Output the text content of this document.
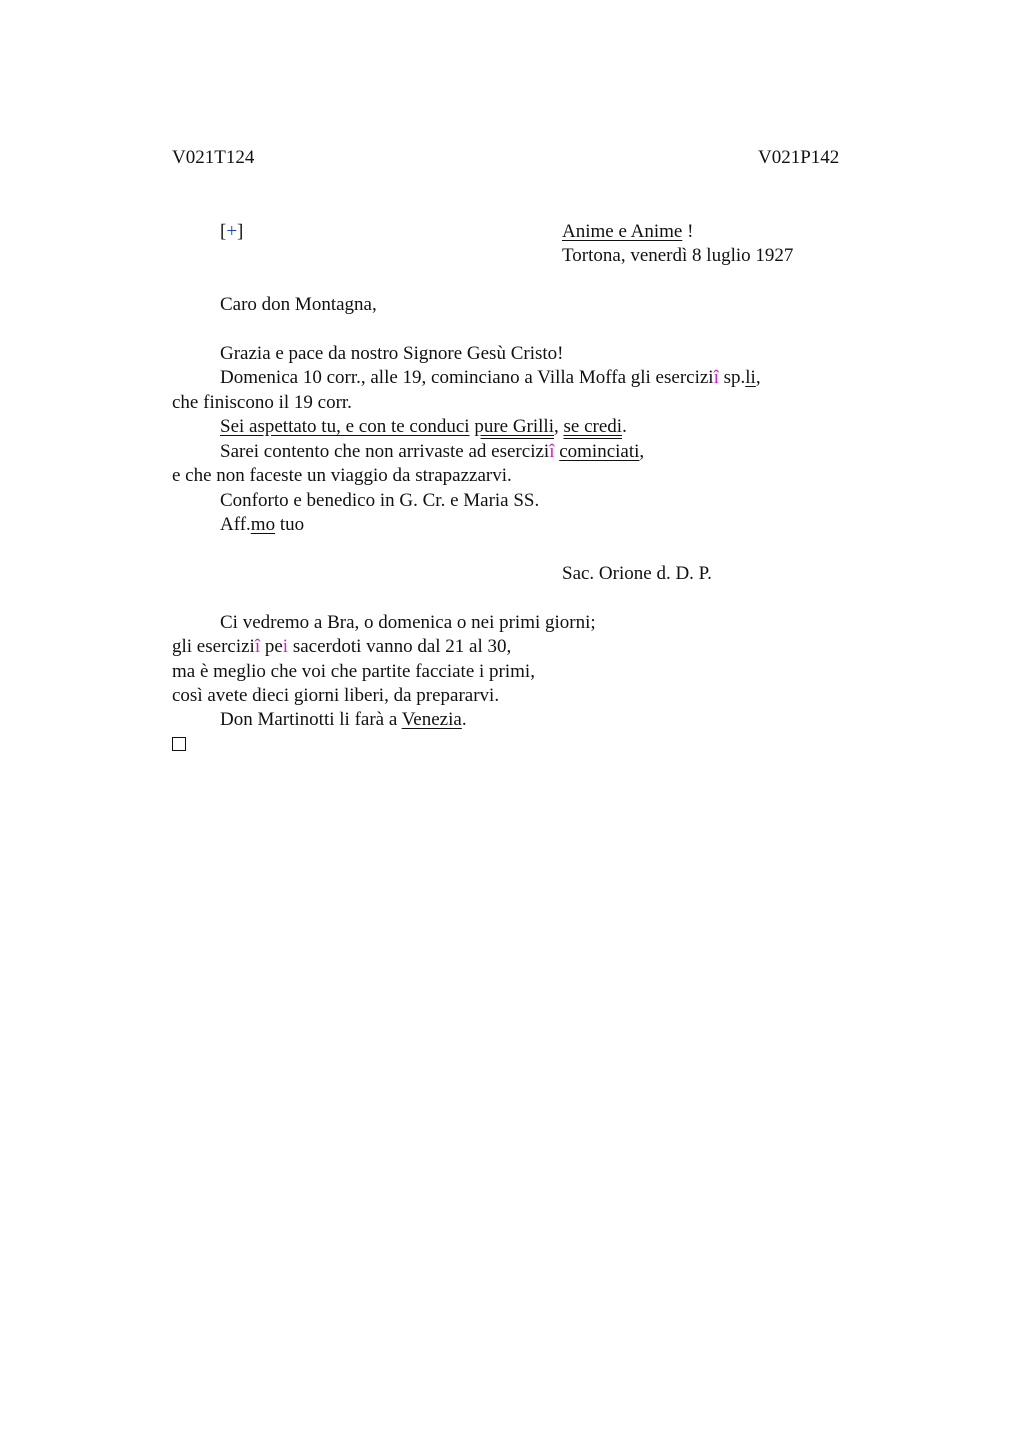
V021T124	V021P142
[+]	Animе e Anime !
Tortona, venerdì 8 luglio 1927
Caro don Montagna,
Grazia e pace da nostro Signore Gesù Cristo!
Domenica 10 corr., alle 19, cominciano a Villa Moffa gli eserciziî sp.li,
che finiscono il 19 corr.
Sei aspettato tu, e con te conduci pure Grilli, se credi.
Sarei contento che non arrivaste ad eserciziî cominciati,
e che non faceste un viaggio da strapazzarvi.
Conforto e benedico in G. Cr. e Maria SS.
Aff.mo tuo
Sac. Orione d. D. P.
Ci vedremo a Bra, o domenica o nei primi giorni;
gli eserciziî pei sacerdoti vanno dal 21 al 30,
ma è meglio che voi che partite facciate i primi,
così avete dieci giorni liberi, da prepararvi.
Don Martinotti li farà a Venezia.
